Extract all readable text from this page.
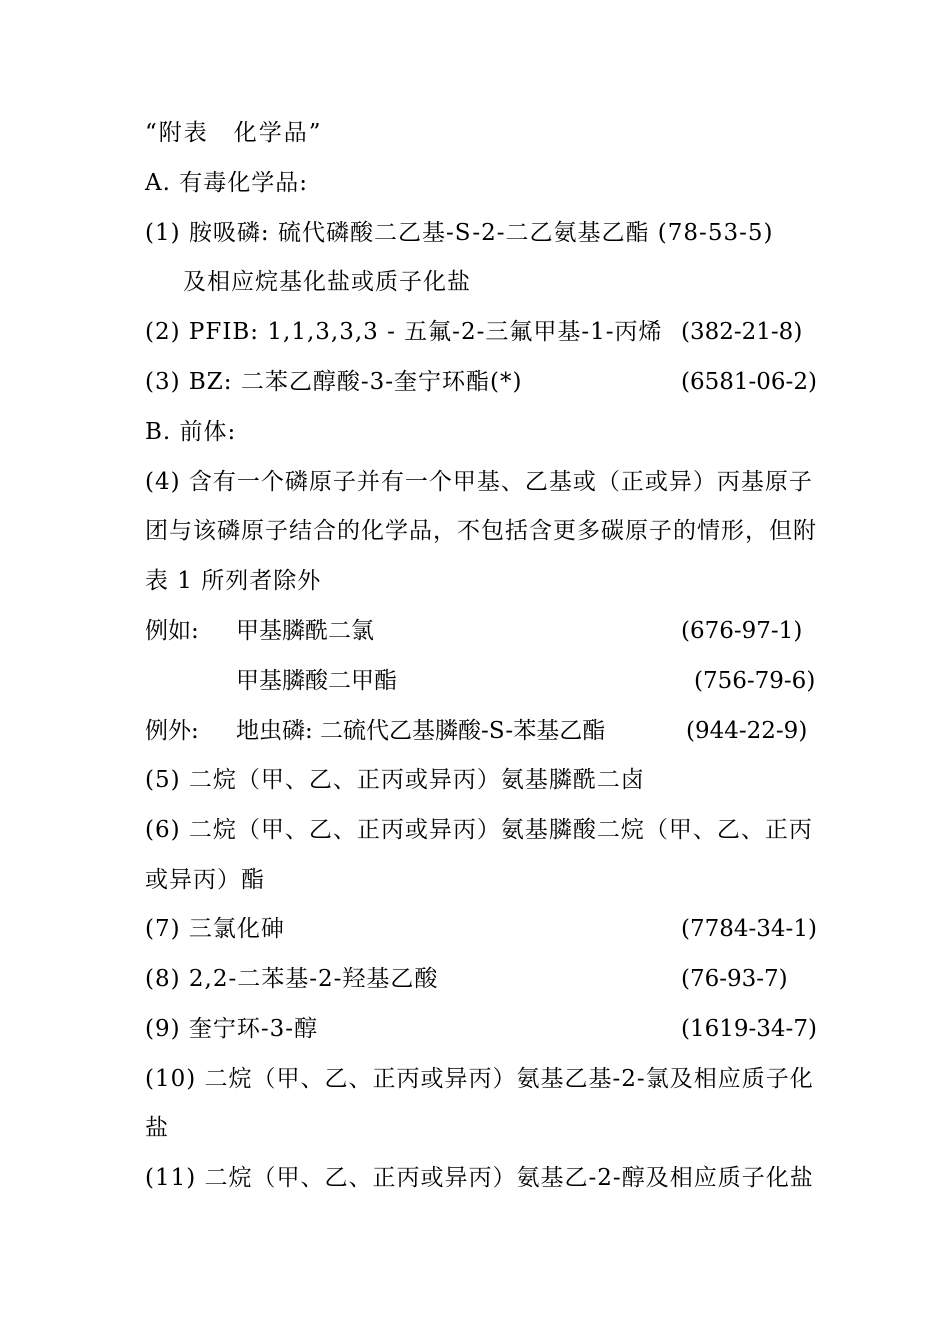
“附表　化学品”
A. 有毒化学品:
(1) 胺吸磷: 硫代磷酸二乙基-S-2-二乙氨基乙酯 (78-53-5)
及相应烷基化盐或质子化盐
(2) PFIB: 1,1,3,3,3 - 五氟-2-三氟甲基-1-丙烯 (382-21-8)
(3) BZ: 二苯乙醇酸-3-奎宁环酯(*)	(6581-06-2)
B. 前体:
(4) 含有一个磷原子并有一个甲基、乙基或（正或异）丙基原子
团与该磷原子结合的化学品，不包括含更多碳原子的情形，但附
表 1 所列者除外
例如: 甲基膦酰二氯	(676-97-1)
甲基膦酸二甲酯	(756-79-6)
例外: 地虫磷: 二硫代乙基膦酸-S-苯基乙酯	(944-22-9)
(5) 二烷（甲、乙、正丙或异丙）氨基膦酰二卤
(6) 二烷（甲、乙、正丙或异丙）氨基膦酸二烷（甲、乙、正丙
或异丙）酯
(7) 三氯化砷	(7784-34-1)
(8) 2,2-二苯基-2-羟基乙酸	(76-93-7)
(9) 奎宁环-3-醇	(1619-34-7)
(10) 二烷（甲、乙、正丙或异丙）氨基乙基-2-氯及相应质子化
盐
(11) 二烷（甲、乙、正丙或异丙）氨基乙-2-醇及相应质子化盐
